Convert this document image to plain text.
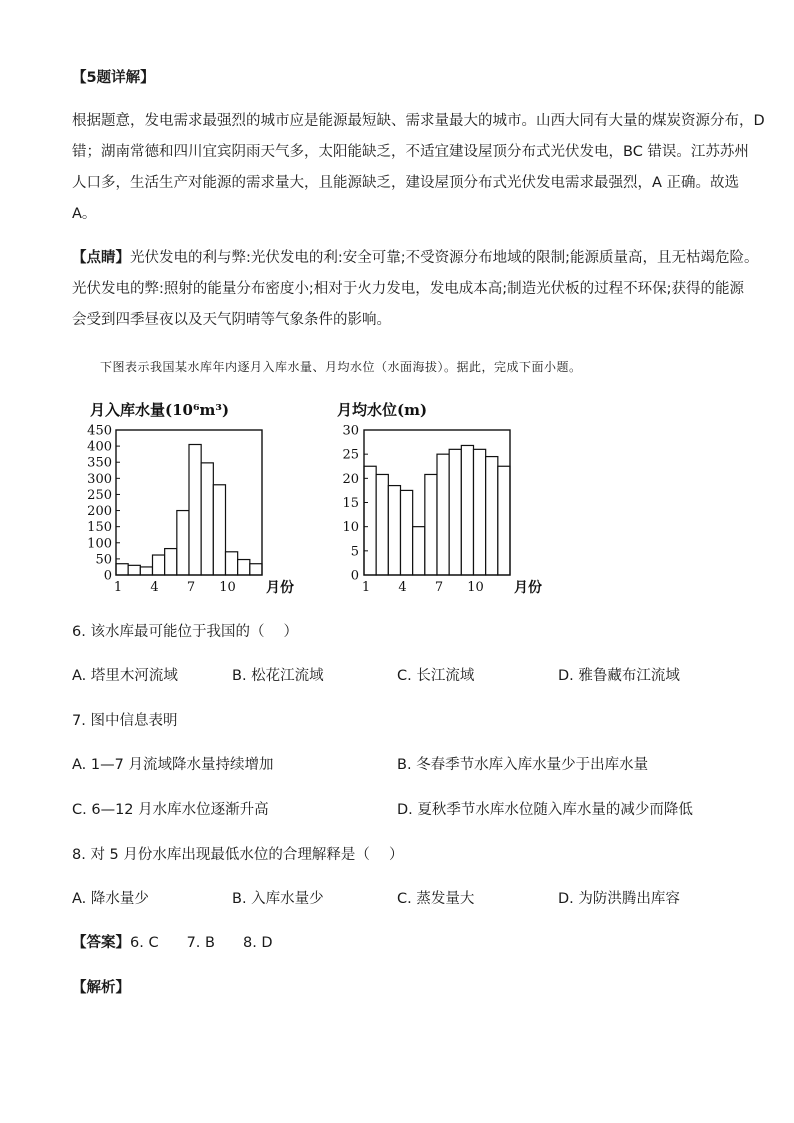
【5题详解】

根据题意，发电需求最强烈的城市应是能源最短缺、需求量最大的城市。山西大同有大量的煤炭资源分布，D

错；湖南常德和四川宜宾阴雨天气多，太阳能缺乏，不适宜建设屋顶分布式光伏发电，BC 错误。江苏苏州

人口多，生活生产对能源的需求量大，且能源缺乏，建设屋顶分布式光伏发电需求最强烈，A 正确。故选

A。

【点睛】光伏发电的利与弊:光伏发电的利:安全可靠;不受资源分布地域的限制;能源质量高，且无枯竭危险。

光伏发电的弊:照射的能量分布密度小;相对于火力发电，发电成本高;制造光伏板的过程不环保;获得的能源

会受到四季昼夜以及天气阴晴等气象条件的影响。

下图表示我国某水库年内逐月入库水量、月均水位（水面海拔）。据此，完成下面小题。
月入库水量(10⁶m³)
0
50
100
150
200
250
300
350
400
450
1 4 7 10 月份
月均水位(m)
0
5
10
15
20
25
30
1 4 7 10 月份
6. 该水库最可能位于我国的（　 ）
A. 塔里木河流域	B. 松花江流域	C. 长江流域	D. 雅鲁藏布江流域
7. 图中信息表明
A. 1—7 月流域降水量持续增加	B. 冬春季节水库入库水量少于出库水量
C. 6—12 月水库水位逐渐升高	D. 夏秋季节水库水位随入库水量的减少而降低
8. 对 5 月份水库出现最低水位的合理解释是（　 ）
A. 降水量少	B. 入库水量少	C. 蒸发量大	D. 为防洪腾出库容
【答案】6. C 7. B 8. D
【解析】
